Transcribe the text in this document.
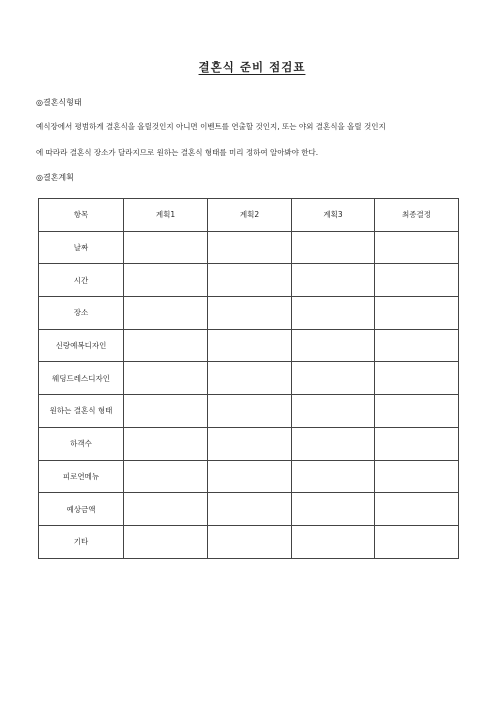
결혼식 준비 점검표
◎결혼식형태
예식장에서 평범하게 결혼식을 올릴것인지 아니면 이벤트를 연출할 것인지, 또는 야외 결혼식을 올릴 것인지
에 따라라 결혼식 장소가 달라지므로 원하는 결혼식 형태를 미리 정하여 알아봐야 한다.
◎결혼계획
항목	계획1	계획2	계획3	최종결정
날짜				
시간				
장소				
신랑예복디자인				
웨딩드레스디자인				
원하는 결혼식 형태				
하객수				
피로연메뉴				
예상금액				
기타				
